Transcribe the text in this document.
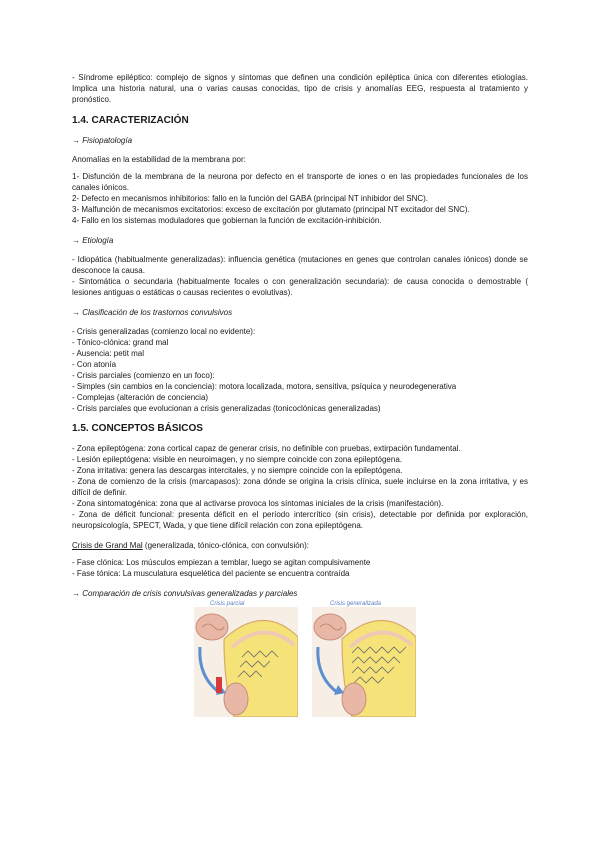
- Síndrome epiléptico: complejo de signos y síntomas que definen una condición epiléptica única con diferentes etiologías. Implica una historia natural, una o varias causas conocidas, tipo de crisis y anomalías EEG, respuesta al tratamiento y pronóstico.

1.4. CARACTERIZACIÓN
→ Fisiopatología

Anomalías en la estabilidad de la membrana por:

1- Disfunción de la membrana de la neurona por defecto en el transporte de iones o en las propiedades funcionales de los canales iónicos.

2- Defecto en mecanismos inhibitorios: fallo en la función del GABA (principal NT inhibidor del SNC).

3- Malfunción de mecanismos excitatorios: exceso de excitación por glutamato (principal NT excitador del SNC).

4- Fallo en los sistemas moduladores que gobiernan la función de excitación-inhibición.

→ Etiología

- Idiopática (habitualmente generalizadas): influencia genética (mutaciones en genes que controlan canales iónicos) donde se desconoce la causa.

- Sintomática o secundaria (habitualmente focales o con generalización secundaria): de causa conocida o demostrable ( lesiones antiguas o estáticas o causas recientes o evolutivas).

→ Clasificación de los trastornos convulsivos

- Crisis generalizadas (comienzo local no evidente):

- Tónico-clónica: grand mal

- Ausencia: petit mal

- Con atonía

- Crisis parciales (comienzo en un foco):

- Simples (sin cambios en la conciencia): motora localizada, motora, sensitiva, psíquica y neurodegenerativa

- Complejas (alteración de conciencia)

- Crisis parciales que evolucionan a crisis generalizadas (tonicoclónicas generalizadas)

1.5. CONCEPTOS BÁSICOS

- Zona epileptógena: zona cortical capaz de generar crisis, no definible con pruebas, extirpación fundamental.

- Lesión epileptógena: visible en neuroimagen, y no siempre coincide con zona epileptógena.

- Zona irritativa: genera las descargas intercitales, y no siempre coincide con la epileptógena.

- Zona de comienzo de la crisis (marcapasos): zona dónde se origina la crisis clínica, suele incluirse en la zona irritativa, y es difícil de definir.

- Zona sintomatogénica: zona que al activarse provoca los síntomas iniciales de la crisis (manifestación).

- Zona de déficit funcional: presenta déficit en el período intercrítico (sin crisis), detectable por definida por exploración, neuropsicología, SPECT, Wada, y que tiene difícil relación con zona epileptógena.

Crisis de Grand Mal (generalizada, tónico-clónica, con convulsión):

- Fase clónica: Los músculos empiezan a temblar, luego se agitan compulsivamente

- Fase tónica: La musculatura esquelética del paciente se encuentra contraída

→ Comparación de crisis convulsivas generalizadas y parciales
Crisis parcial	Crisis generalizada
